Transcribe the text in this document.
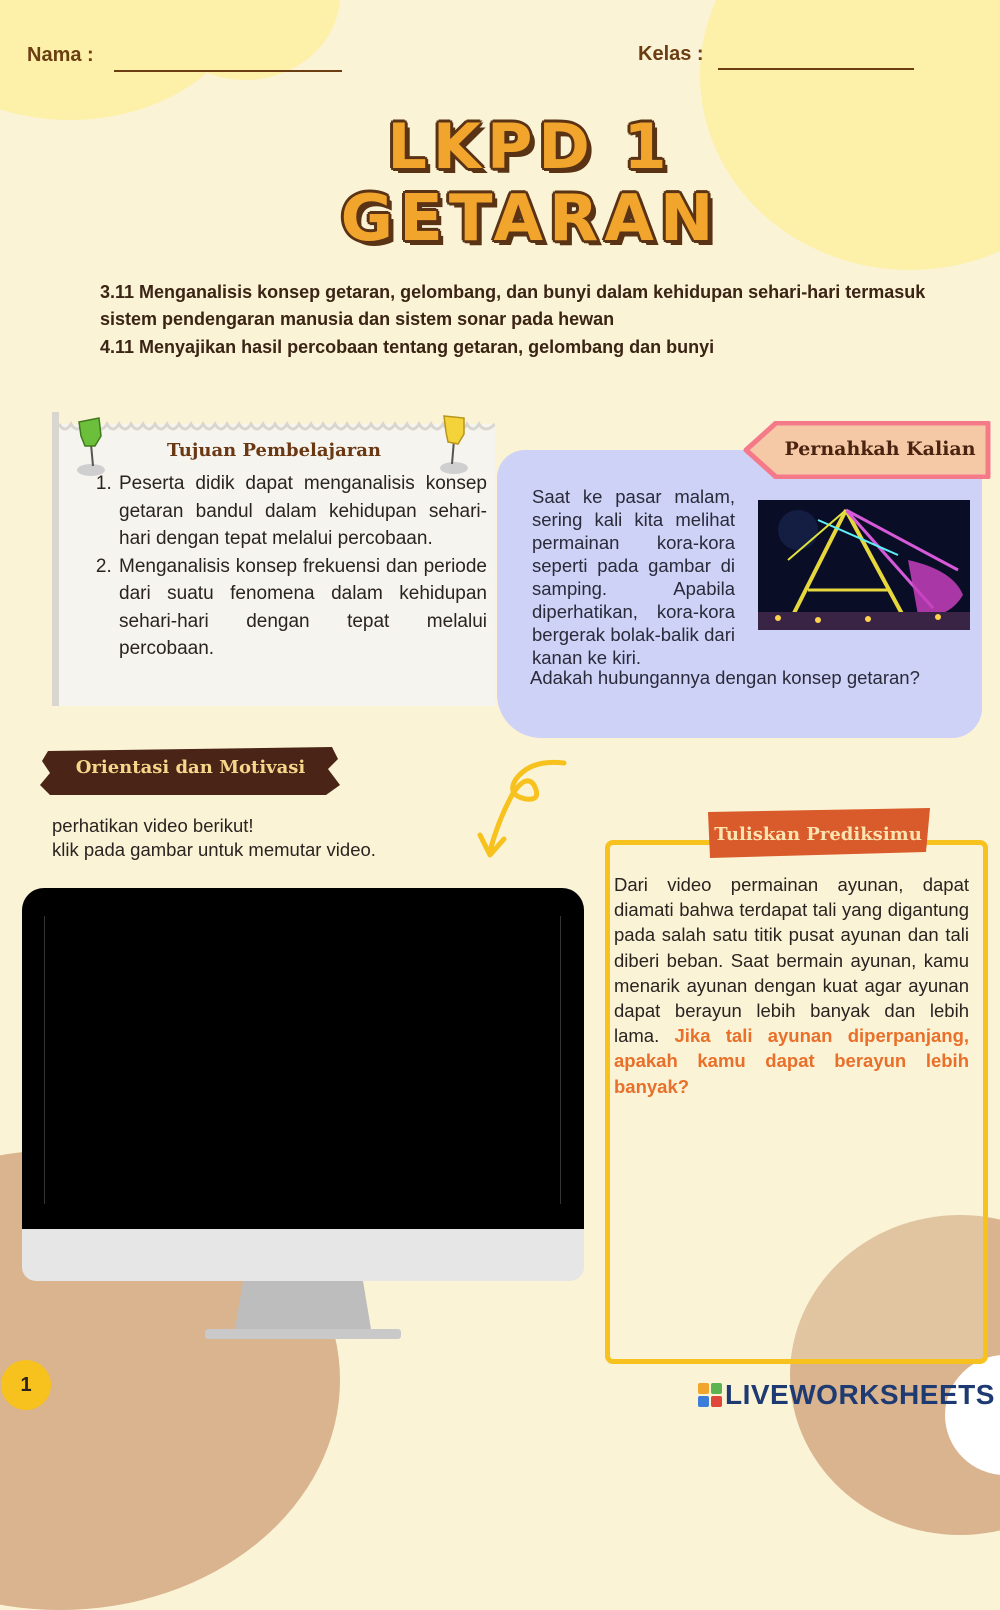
Nama :	Kelas :
LKPD 1
GETARAN
3.11 Menganalisis konsep getaran, gelombang, dan bunyi dalam kehidupan sehari-hari termasuk sistem pendengaran manusia dan sistem sonar pada hewan
4.11 Menyajikan hasil percobaan tentang getaran, gelombang dan bunyi
Tujuan Pembelajaran
1. Peserta didik dapat menganalisis konsep getaran bandul dalam kehidupan sehari-hari dengan tepat melalui percobaan.
2. Menganalisis konsep frekuensi dan periode dari suatu fenomena dalam kehidupan sehari-hari dengan tepat melalui percobaan.
Pernahkah Kalian
Saat ke pasar malam, sering kali kita melihat permainan kora-kora seperti pada gambar di samping. Apabila diperhatikan, kora-kora bergerak bolak-balik dari kanan ke kiri.
Adakah hubungannya dengan konsep getaran?
Orientasi dan Motivasi
perhatikan video berikut!
klik pada gambar untuk memutar video.
Tuliskan Prediksimu
Dari video permainan ayunan, dapat diamati bahwa terdapat tali yang digantung pada salah satu titik pusat ayunan dan tali diberi beban. Saat bermain ayunan, kamu menarik ayunan dengan kuat agar ayunan dapat berayun lebih banyak dan lebih lama. Jika tali ayunan diperpanjang, apakah kamu dapat berayun lebih banyak?
1	LIVEWORKSHEETS
